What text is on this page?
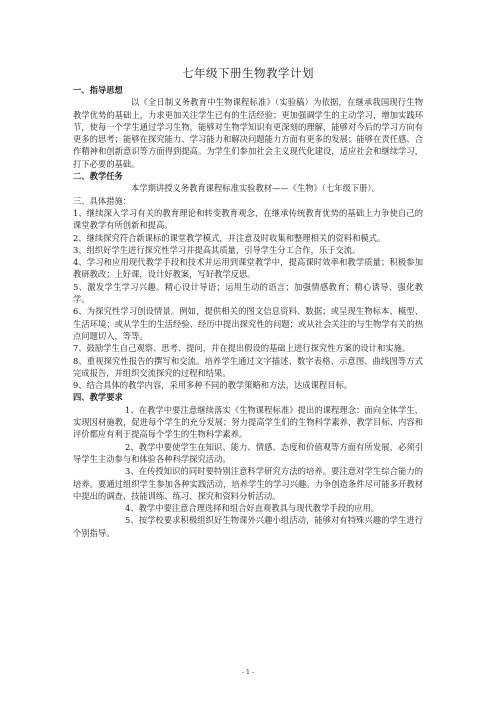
七年级下册生物教学计划

一、指导思想

以《全日制义务教育中生物课程标准》（实验稿）为依据，在继承我国现行生物教学优势的基础上，力求更加关注学生已有的生活经验；更加强调学生的主动学习，增加实践环节，使每一个学生通过学习生物，能够对生物学知识有更深刻的理解，能够对今后的学习方向有更多的思考；能够在探究能力、学习能力和解决问题能力方面有更多的发展；能够在责任感、合作精神和创新意识等方面得到提高。为学生们参加社会主义现代化建设，适应社会和继续学习，打下必要的基础。

二、教学任务

本学期讲授义务教育课程标准实验教材——《生物》（七年级下册）。

三、具体措施：

1、继续深入学习有关的教育理论和转变教育观念，在继承传统教育优势的基础上力争使自己的课堂教学有所创新和提高。

2、继续探究符合新课标的课堂教学模式，并注意及时收集和整理相关的资料和模式。

3、组织好学生进行探究性学习并提高其质量，引导学生分工合作，乐于交流。

4、学习和应用现代教学手段和技术并运用到课堂教学中，提高课时效率和教学质量；积极参加教研教改；上好课，设计好教案，写好教学反思。

5、激发学生学习兴趣。精心设计导语；运用生动的语言；加强情感教育；精心诱导、强化教学。

6、为探究性学习创设情景。例如，提供相关的图文信息资料、数据；或呈现生物标本、模型、生活环境；或从学生的生活经验、经历中提出探究性的问题；或从社会关注的与生物学有关的热点问题切入，等等。

7、鼓励学生自己观察、思考、提问，并在提出假设的基础上进行探究性方案的设计和实施。

8、重视探究性报告的撰写和交流。培养学生通过文字描述、数字表格、示意图、曲线图等方式完成报告，并组织交流探究的过程和结果。

9、结合具体的教学内容，采用多种不同的教学策略和方法，达成课程目标。

四、教学要求

1、在教学中要注意继续落实《生物课程标准》提出的课程理念：面向全体学生，实现因材施教，促进每个学生的充分发展；努力提高学生们的生物科学素养，教学目标、内容和评价都应有利于提高每个学生的生物科学素养。

2、教学中要使学生在知识、能力、情感、态度和价值观等方面有所发展，必须引导学生主动参与和体验各种科学探究活动。

3、在传授知识的同时要特别注意科学研究方法的培养。要注意对学生综合能力的培养。要通过组织学生参加各种实践活动，培养学生的学习兴趣。力争创造条件尽可能多开教材中提出的调查、技能训练、练习、探究和资料分析活动。

4、教学中要注意合理选择和组合好直观教具与现代教学手段的应用。

5、按学校要求积极组织好生物课外兴趣小组活动，能够对有特殊兴趣的学生进行个别指导。

- 1 -
